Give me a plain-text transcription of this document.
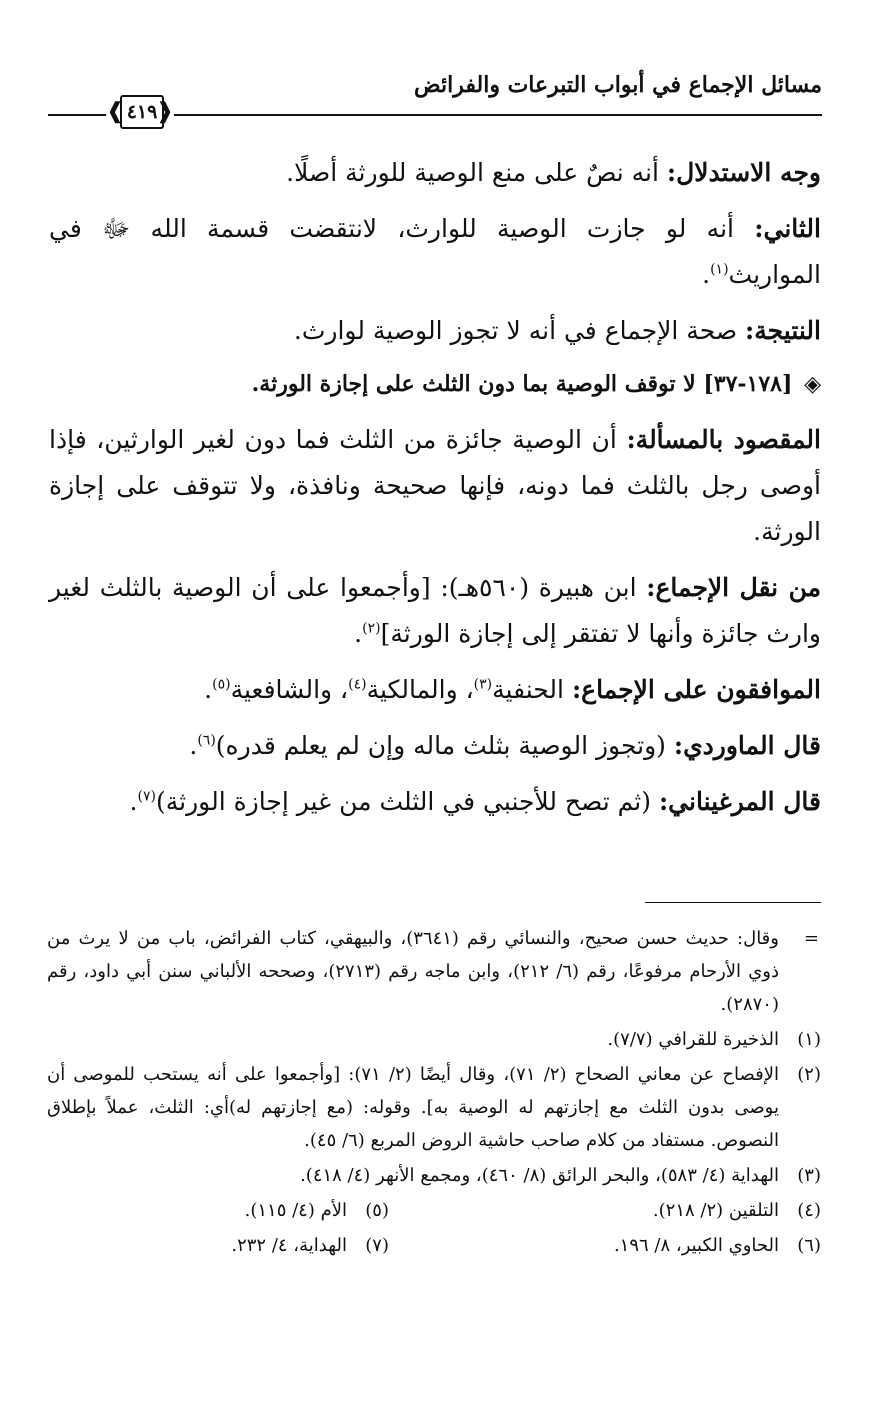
مسائل الإجماع في أبواب التبرعات والفرائض
❰ ٤١٩
❱

وجه الاستدلال: أنه نصٌ على منع الوصية للورثة أصلًا.

الثاني: أنه لو جازت الوصية للوارث، لانتقضت قسمة الله ﷻ في المواريث$^{(١)}$.

النتيجة: صحة الإجماع في أنه لا تجوز الوصية لوارث.

◈ [١٧٨-٣٧] لا توقف الوصية بما دون الثلث على إجازة الورثة.

المقصود بالمسألة: أن الوصية جائزة من الثلث فما دون لغير الوارثين، فإذا أوصى رجل بالثلث فما دونه، فإنها صحيحة ونافذة، ولا تتوقف على إجازة الورثة.

من نقل الإجماع: ابن هبيرة (٥٦٠هـ): [وأجمعوا على أن الوصية بالثلث لغير وارث جائزة وأنها لا تفتقر إلى إجازة الورثة]$^{(٢)}$.

الموافقون على الإجماع: الحنفية$^{(٣)}$، والمالكية$^{(٤)}$، والشافعية$^{(٥)}$.

قال الماوردي: (وتجوز الوصية بثلث ماله وإن لم يعلم قدره)$^{(٦)}$.

قال المرغيناني: (ثم تصح للأجنبي في الثلث من غير إجازة الورثة)$^{(٧)}$.

=
وقال: حديث حسن صحيح، والنسائي رقم (٣٦٤١)، والبيهقي، كتاب الفرائض، باب من لا يرث من ذوي الأرحام مرفوعًا، رقم (٦/ ٢١٢)، وابن ماجه رقم (٢٧١٣)، وصححه الألباني سنن أبي داود، رقم (٢٨٧٠).
(١)
الذخيرة للقرافي (٧/٧).
(٢)
الإفصاح عن معاني الصحاح (٢/ ٧١)، وقال أيضًا (٢/ ٧١): [وأجمعوا على أنه يستحب للموصى أن يوصى بدون الثلث مع إجازتهم له الوصية به]. وقوله: (مع إجازتهم له)أي: الثلث، عملاً بإطلاق النصوص. مستفاد من كلام صاحب حاشية الروض المربع (٦/ ٤٥).
(٣)
الهداية (٤/ ٥٨٣)، والبحر الرائق (٨/ ٤٦٠)، ومجمع الأنهر (٤/ ٤١٨).
(٤)
التلقين (٢/ ٢١٨).
(٥)
الأم (٤/ ١١٥).
(٦)
الحاوي الكبير، ٨/ ١٩٦.
(٧)
الهداية، ٤/ ٢٣٢.
